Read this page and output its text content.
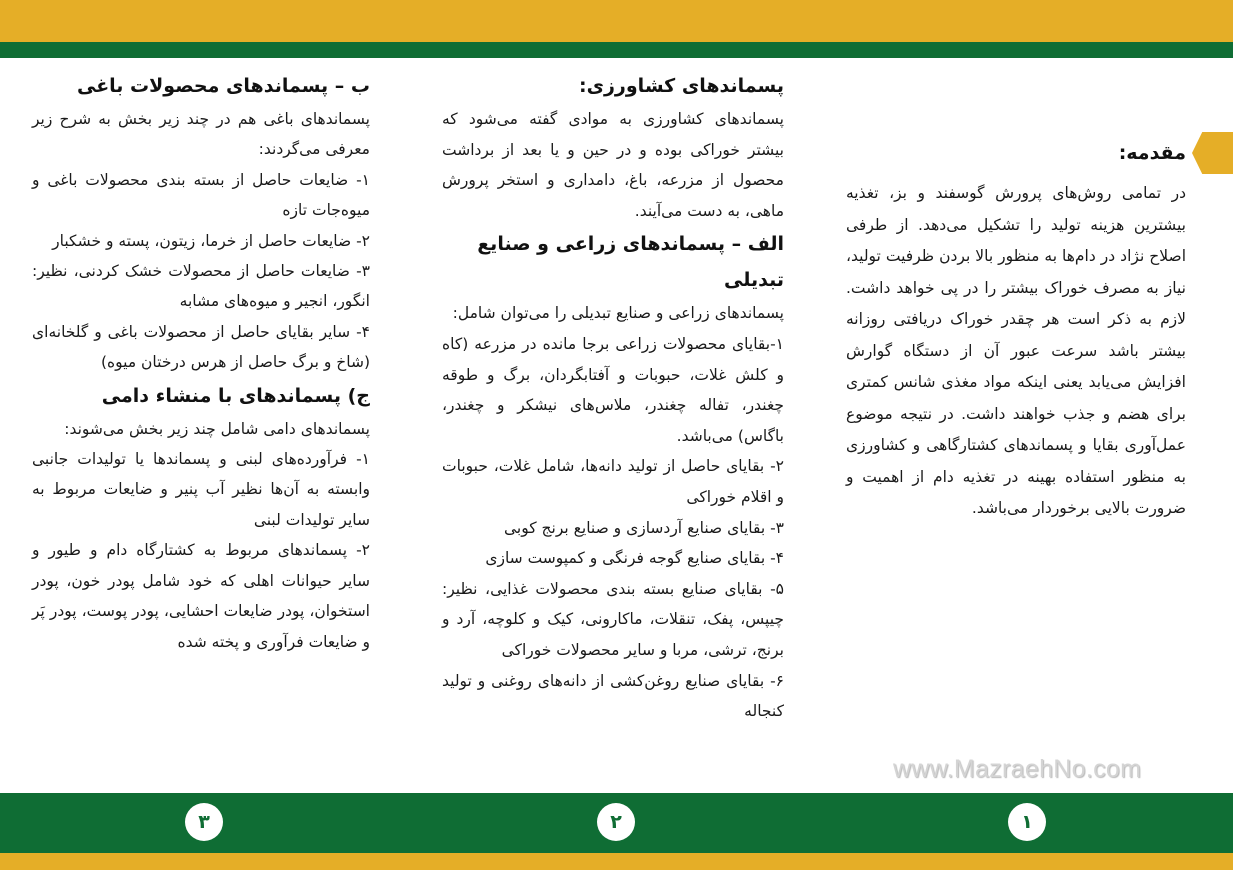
مقدمه:

در تمامی روش‌های پرورش گوسفند و بز، تغذیه بیشترین هزینه تولید را تشکیل می‌دهد. از طرفی اصلاح نژاد در دام‌ها به منظور بالا بردن ظرفیت تولید، نیاز به مصرف خوراک بیشتر را در پی خواهد داشت. لازم به ذکر است هر چقدر خوراک دریافتی روزانه بیشتر باشد سرعت عبور آن از دستگاه گوارش افزایش می‌یابد یعنی اینکه مواد مغذی شانس کمتری برای هضم و جذب خواهند داشت. در نتیجه موضوع عمل‌آوری بقایا و پسماندهای کشتارگاهی و کشاورزی به منظور استفاده بهینه در تغذیه دام از اهمیت و ضرورت بالایی برخوردار می‌باشد.

پسماندهای کشاورزی:

پسماندهای کشاورزی به موادی گفته می‌شود که بیشتر خوراکی بوده و در حین و یا بعد از برداشت محصول از مزرعه، باغ، دامداری و استخر پرورش ماهی، به دست می‌آیند.

الف – پسماندهای زراعی و صنایع تبدیلی

پسماندهای زراعی و صنایع تبدیلی را می‌توان شامل:

۱-بقایای محصولات زراعی برجا مانده در مزرعه (کاه و کلش غلات، حبوبات و آفتابگردان، برگ و طوقه چغندر، تفاله چغندر، ملاس‌های نیشکر و چغندر، باگاس) می‌باشد.

۲- بقایای حاصل از تولید دانه‌ها، شامل غلات، حبوبات و اقلام خوراکی

۳- بقایای صنایع آردسازی و صنایع برنج کوبی

۴- بقایای صنایع گوجه فرنگی و کمپوست سازی

۵- بقایای صنایع بسته بندی محصولات غذایی، نظیر: چیپس، پفک، تنقلات، ماکارونی، کیک و کلوچه، آرد و برنج، ترشی، مربا و سایر محصولات خوراکی

۶- بقایای صنایع روغن‌کشی از دانه‌های روغنی و تولید کنجاله

ب – پسماندهای محصولات باغی

پسماندهای باغی هم در چند زیر بخش به شرح زیر معرفی می‌گردند:

۱- ضایعات حاصل از بسته بندی محصولات باغی و میوه‌جات تازه

۲- ضایعات حاصل از خرما، زیتون، پسته و خشکبار

۳- ضایعات حاصل از محصولات خشک کردنی، نظیر: انگور، انجیر و میوه‌های مشابه

۴- سایر بقایای حاصل از محصولات باغی و گلخانه‌ای (شاخ و برگ حاصل از هرس درختان میوه)

ج) پسماندهای با منشاء دامی

پسماندهای دامی شامل چند زیر بخش می‌شوند:

۱- فرآورده‌های لبنی و پسماندها یا تولیدات جانبی وابسته به آن‌ها نظیر آب پنیر و ضایعات مربوط به سایر تولیدات لبنی

۲- پسماندهای مربوط به کشتارگاه دام و طیور و سایر حیوانات اهلی که خود شامل پودر خون، پودر استخوان، پودر ضایعات احشایی، پودر پوست، پودر پَر و ضایعات فرآوری و پخته شده

www.MazraehNo.com
۱
۲
۳
